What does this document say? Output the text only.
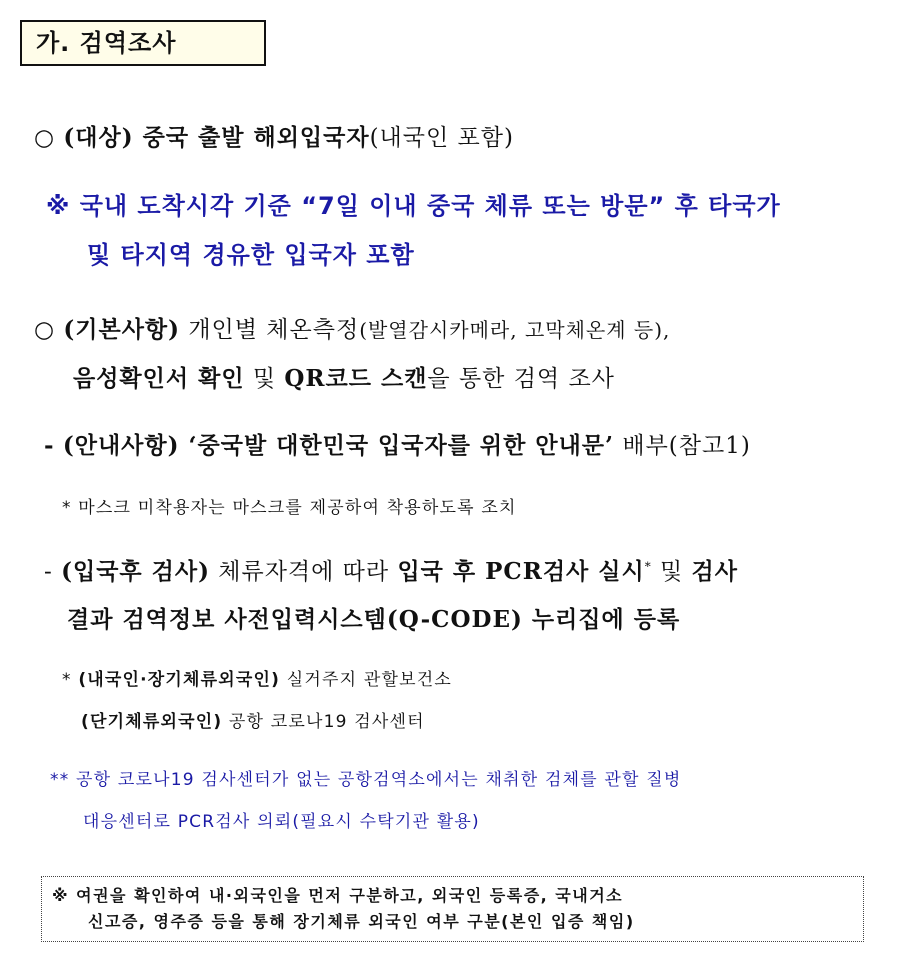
가. 검역조사
○ (대상) 중국 출발 해외입국자(내국인 포함)
※ 국내 도착시각 기준 “7일 이내 중국 체류 또는 방문” 후 타국가
및 타지역 경유한 입국자 포함
○ (기본사항) 개인별 체온측정(발열감시카메라, 고막체온계 등),
음성확인서 확인 및 QR코드 스캔을 통한 검역 조사
- (안내사항) ‘중국발 대한민국 입국자를 위한 안내문’ 배부(참고1)
* 마스크 미착용자는 마스크를 제공하여 착용하도록 조치
- (입국후 검사) 체류자격에 따라 입국 후 PCR검사 실시* 및 검사
결과 검역정보 사전입력시스템(Q-CODE) 누리집에 등록
* (내국인·장기체류외국인) 실거주지 관할보건소
(단기체류외국인) 공항 코로나19 검사센터
** 공항 코로나19 검사센터가 없는 공항검역소에서는 채취한 검체를 관할 질병
대응센터로 PCR검사 의뢰(필요시 수탁기관 활용)
※ 여권을 확인하여 내·외국인을 먼저 구분하고, 외국인 등록증, 국내거소
신고증, 영주증 등을 통해 장기체류 외국인 여부 구분(본인 입증 책임)
